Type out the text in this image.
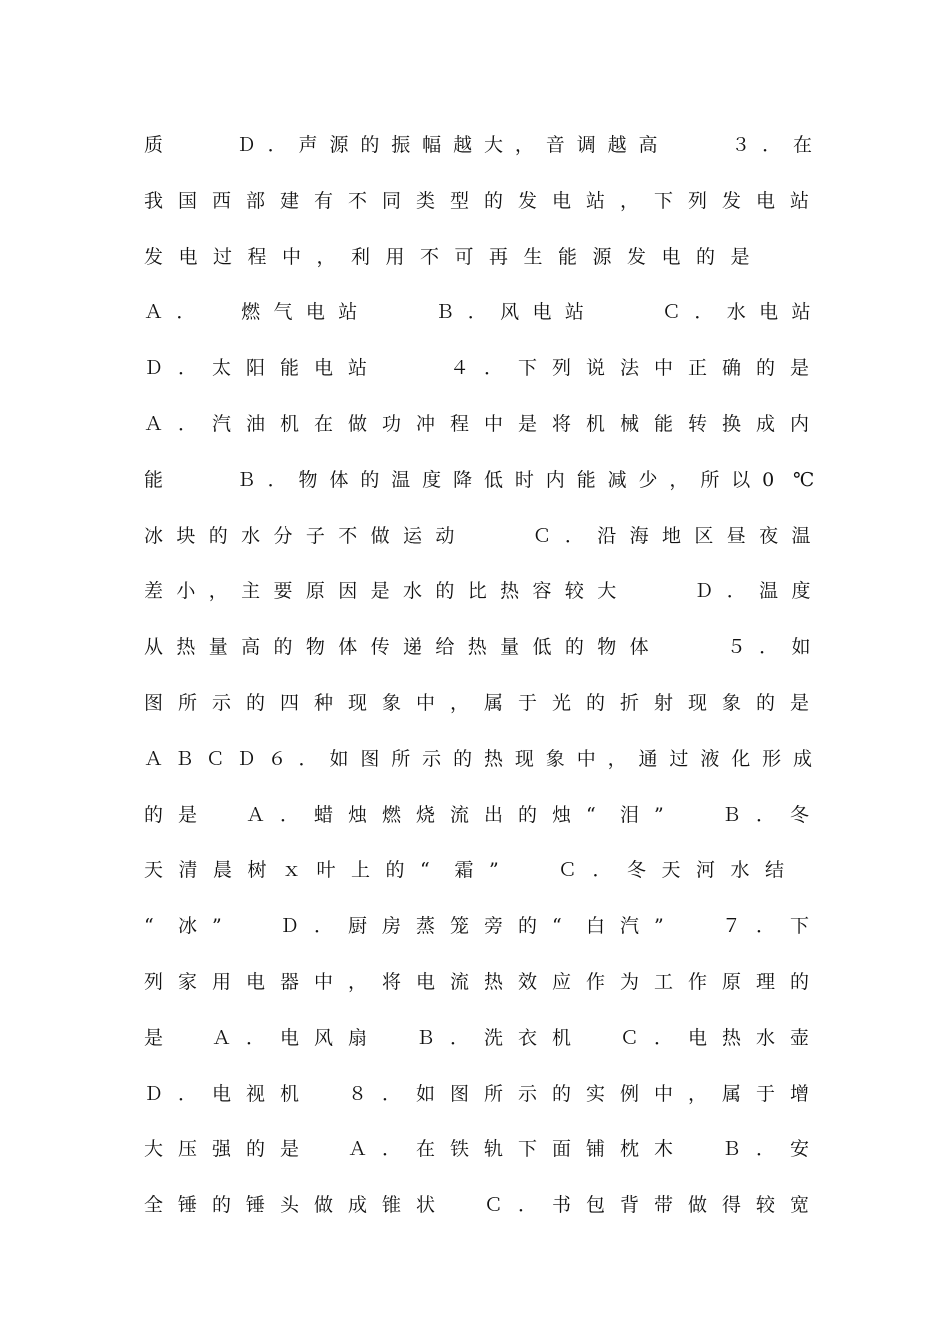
质　　	Ｄ ． 声 源 的 振 幅 越 大 ， 音 调 越 高　　	３ ． 在
我 国 西 部 建 有 不 同 类 型 的 发 电 站 ， 下 列 发 电 站
发 电 过 程 中 ， 利 用 不 可 再 生 能 源 发 电 的 是
Ａ ．　 燃 气 电 站　　	Ｂ ． 风 电 站　　	Ｃ ． 水 电 站
Ｄ ． 太 阳 能 电 站　　	４ ． 下 列 说 法 中 正 确 的 是
Ａ ． 汽 油 机 在 做 功 冲 程 中 是 将 机 械 能 转 换 成 内
能　　	Ｂ ． 物 体 的 温 度 降 低 时 内 能 减 少 ， 所 以 0 ℃
冰 块 的 水 分 子 不 做 运 动　　	Ｃ ． 沿 海 地 区 昼 夜 温
差 小 ， 主 要 原 因 是 水 的 比 热 容 较 大　　	Ｄ ． 温 度
从 热 量 高 的 物 体 传 递 给 热 量 低 的 物 体　　	５ ． 如
图 所 示 的 四 种 现 象 中 ， 属 于 光 的 折 射 现 象 的 是
Ａ Ｂ Ｃ Ｄ ６ ． 如 图 所 示 的 热 现 象 中 ， 通 过 液 化 形 成
的 是　	Ａ ． 蜡 烛 燃 烧 流 出 的 烛 “ 泪 ”　	Ｂ ． 冬
天 清 晨 树 ｘ 叶 上 的 “ 霜 ”　	Ｃ ． 冬 天 河 水 结
“ 冰 ”　	Ｄ ． 厨 房 蒸 笼 旁 的 “ 白 汽 ”　	７ ． 下
列 家 用 电 器 中 ， 将 电 流 热 效 应 作 为 工 作 原 理 的
是　	Ａ ． 电 风 扇　	Ｂ ． 洗 衣 机　	Ｃ ． 电 热 水 壶
Ｄ ． 电 视 机　	８ ． 如 图 所 示 的 实 例 中 ， 属 于 增
大 压 强 的 是　	Ａ ． 在 铁 轨 下 面 铺 枕 木　	Ｂ ． 安
全 锤 的 锤 头 做 成 锥 状　	Ｃ ． 书 包 背 带 做 得 较 宽
